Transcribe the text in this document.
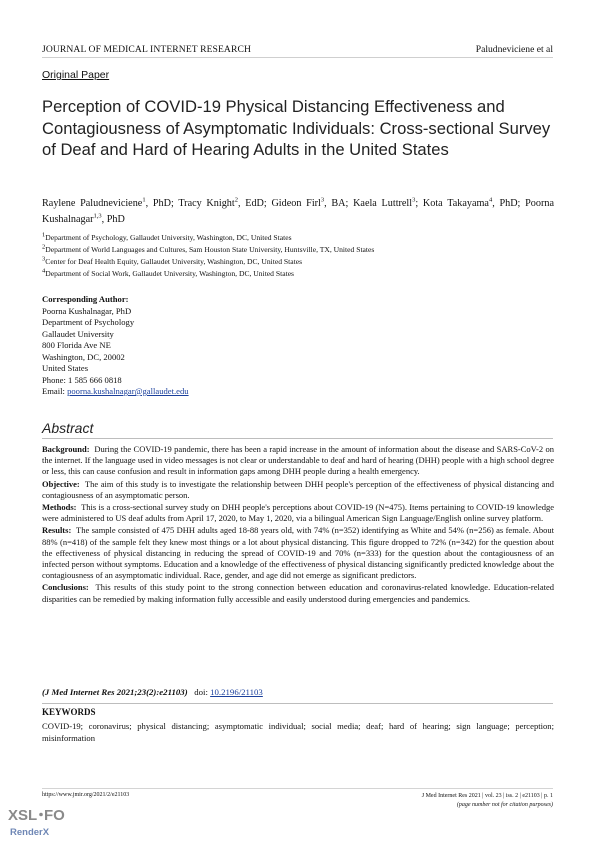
JOURNAL OF MEDICAL INTERNET RESEARCH	Paludneviciene et al
Original Paper
Perception of COVID-19 Physical Distancing Effectiveness and Contagiousness of Asymptomatic Individuals: Cross-sectional Survey of Deaf and Hard of Hearing Adults in the United States
Raylene Paludneviciene$^1$, PhD; Tracy Knight$^2$, EdD; Gideon Firl$^3$, BA; Kaela Luttrell$^3$; Kota Takayama$^4$, PhD; Poorna Kushalnagar$^{1,3}$, PhD
$^1$Department of Psychology, Gallaudet University, Washington, DC, United States
$^2$Department of World Languages and Cultures, Sam Houston State University, Huntsville, TX, United States
$^3$Center for Deaf Health Equity, Gallaudet University, Washington, DC, United States
$^4$Department of Social Work, Gallaudet University, Washington, DC, United States
Corresponding Author:
Poorna Kushalnagar, PhD
Department of Psychology
Gallaudet University
800 Florida Ave NE
Washington, DC, 20002
United States
Phone: 1 585 666 0818
Email: poorna.kushalnagar@gallaudet.edu
Abstract

Background: During the COVID-19 pandemic, there has been a rapid increase in the amount of information about the disease and SARS-CoV-2 on the internet. If the language used in video messages is not clear or understandable to deaf and hard of hearing (DHH) people with a high school degree or less, this can cause confusion and result in information gaps among DHH people during a health emergency.

Objective: The aim of this study is to investigate the relationship between DHH people's perception of the effectiveness of physical distancing and contagiousness of an asymptomatic person.

Methods: This is a cross-sectional survey study on DHH people's perceptions about COVID-19 (N=475). Items pertaining to COVID-19 knowledge were administered to US deaf adults from April 17, 2020, to May 1, 2020, via a bilingual American Sign Language/English online survey platform.

Results: The sample consisted of 475 DHH adults aged 18-88 years old, with 74% (n=352) identifying as White and 54% (n=256) as female. About 88% (n=418) of the sample felt they knew most things or a lot about physical distancing. This figure dropped to 72% (n=342) for the question about the effectiveness of physical distancing in reducing the spread of COVID-19 and 70% (n=333) for the question about the contagiousness of an infected person without symptoms. Education and a knowledge of the effectiveness of physical distancing significantly predicted knowledge about the contagiousness of an asymptomatic individual. Race, gender, and age did not emerge as significant predictors.

Conclusions: This results of this study point to the strong connection between education and coronavirus-related knowledge. Education-related disparities can be remedied by making information fully accessible and easily understood during emergencies and pandemics.

(J Med Internet Res 2021;23(2):e21103) doi: 10.2196/21103
KEYWORDS
COVID-19; coronavirus; physical distancing; asymptomatic individual; social media; deaf; hard of hearing; sign language; perception; misinformation
https://www.jmir.org/2021/2/e21103	J Med Internet Res 2021 | vol. 23 | iss. 2 | e21103 | p. 1
(page number not for citation purposes)
XSL FO
RenderX
